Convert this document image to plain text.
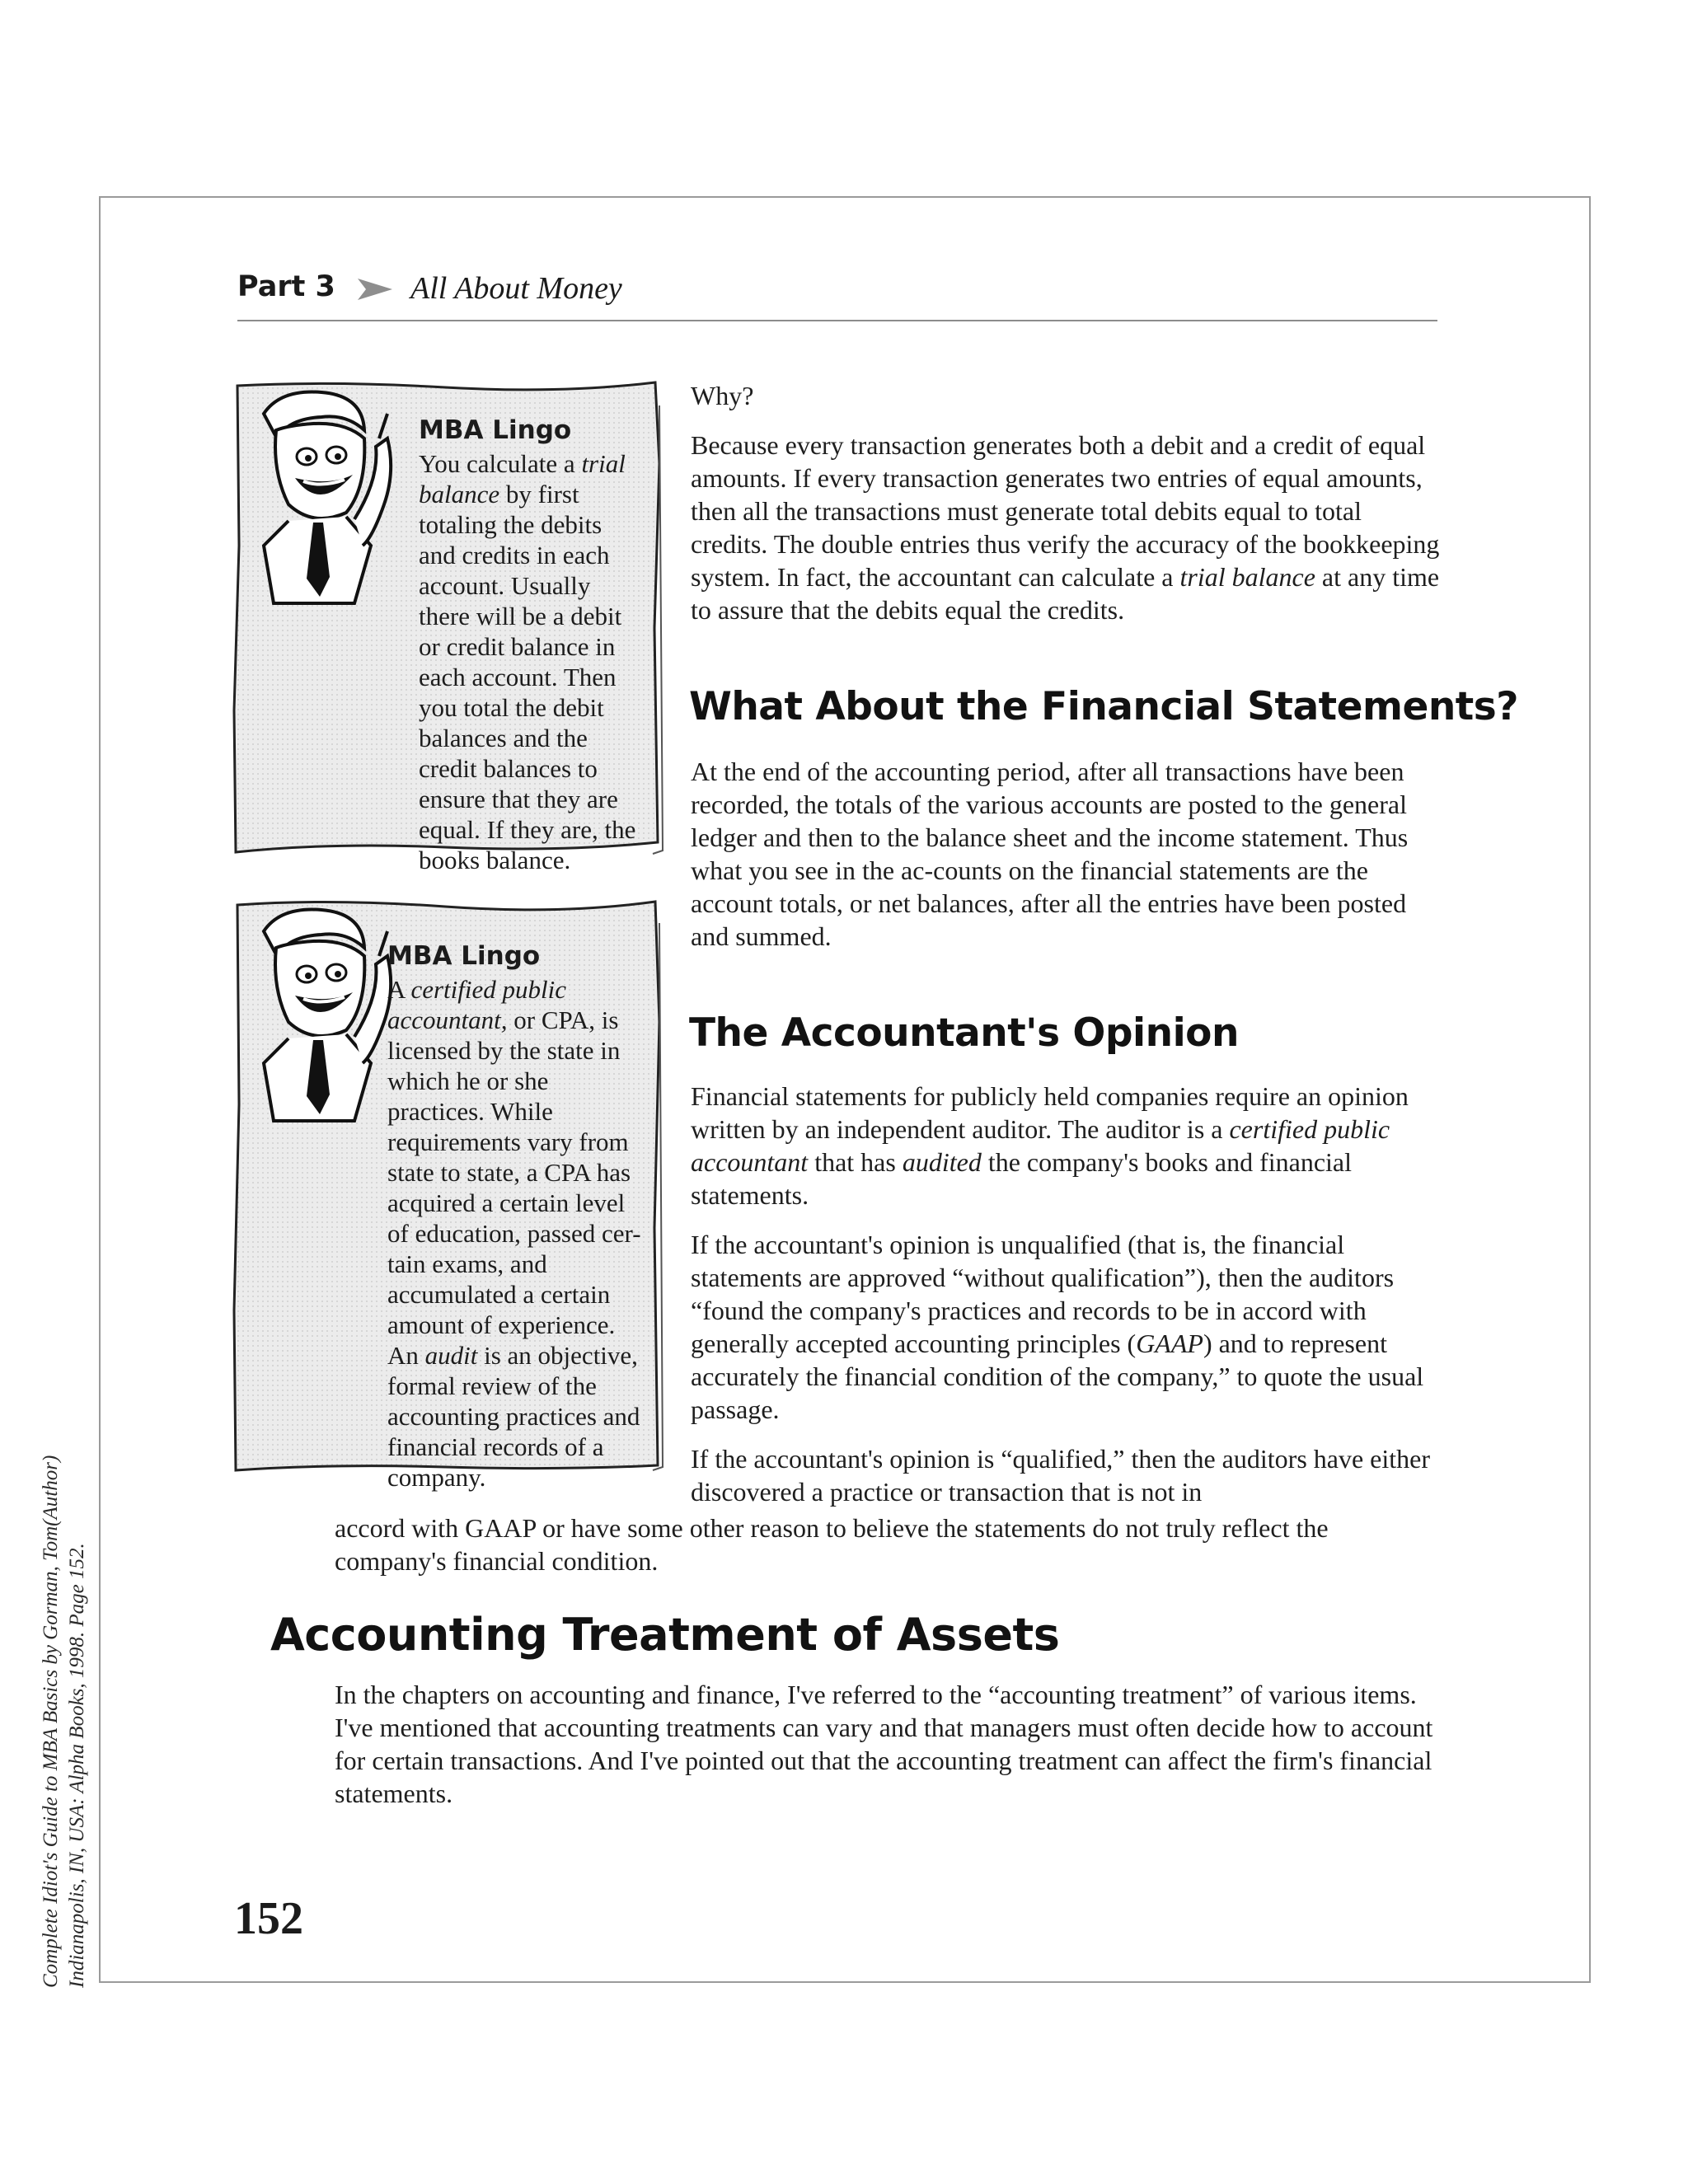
Complete Idiot's Guide to MBA Basics by Gorman, Tom(Author) Indianapolis, IN, USA: Alpha Books, 1998. Page 152.
Part 3 All About Money
MBA Lingo
You calculate a trial balance by first totaling the debits and credits in each account. Usually there will be a debit or credit balance in each account. Then you total the debit balances and the credit balances to ensure that they are equal. If they are, the books balance.
MBA Lingo
A certified public accountant, or CPA, is licensed by the state in which he or she practices. While requirements vary from state to state, a CPA has acquired a certain level of education, passed cer-tain exams, and accumulated a certain amount of experience. An audit is an objective, formal review of the accounting practices and financial records of a company.

Why?

Because every transaction generates both a debit and a credit of equal amounts. If every transaction generates two entries of equal amounts, then all the transactions must generate total debits equal to total credits. The double entries thus verify the accuracy of the bookkeeping system. In fact, the accountant can calculate a trial balance at any time to assure that the debits equal the credits.

What About the Financial Statements?

At the end of the accounting period, after all transactions have been recorded, the totals of the various accounts are posted to the general ledger and then to the balance sheet and the income statement. Thus what you see in the ac-counts on the financial statements are the account totals, or net balances, after all the entries have been posted and summed.

The Accountant's Opinion

Financial statements for publicly held companies require an opinion written by an independent auditor. The auditor is a certified public accountant that has audited the company's books and financial statements.

If the accountant's opinion is unqualified (that is, the financial statements are approved “without qualification”), then the auditors “found the company's practices and records to be in accord with generally accepted accounting principles (GAAP) and to represent accurately the financial condition of the company,” to quote the usual passage.

If the accountant's opinion is “qualified,” then the auditors have either discovered a practice or transaction that is not in

accord with GAAP or have some other reason to believe the statements do not truly reflect the company's financial condition.

Accounting Treatment of Assets

In the chapters on accounting and finance, I've referred to the “accounting treatment” of various items. I've mentioned that accounting treatments can vary and that managers must often decide how to account for certain transactions. And I've pointed out that the accounting treatment can affect the firm's financial statements.

152
